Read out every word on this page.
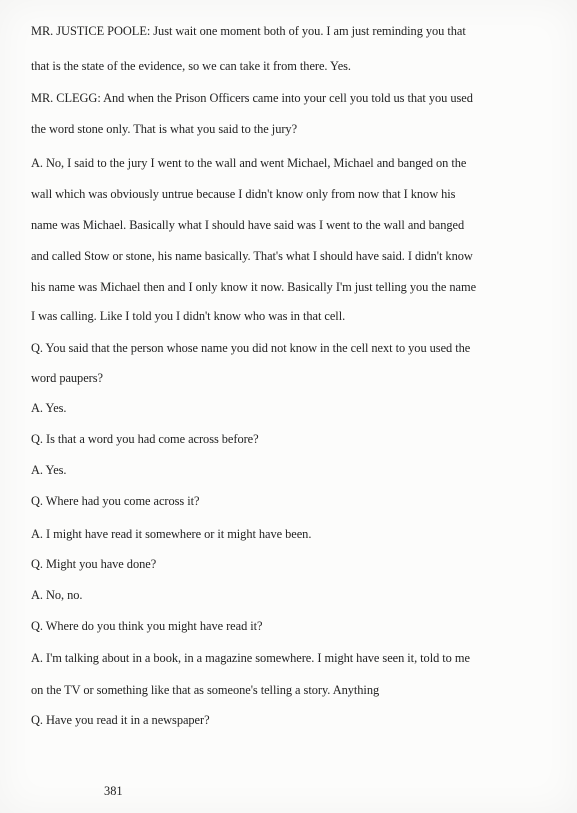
MR. JUSTICE POOLE: Just wait one moment both of you. I am just reminding you that
that is the state of the evidence, so we can take it from there. Yes.
MR. CLEGG: And when the Prison Officers came into your cell you told us that you used
the word stone only. That is what you said to the jury?
A. No, I said to the jury I went to the wall and went Michael, Michael and banged on the
wall which was obviously untrue because I didn't know only from now that I know his
name was Michael. Basically what I should have said was I went to the wall and banged
and called Stow or stone, his name basically. That's what I should have said. I didn't know
his name was Michael then and I only know it now. Basically I'm just telling you the name
I was calling. Like I told you I didn't know who was in that cell.
Q. You said that the person whose name you did not know in the cell next to you used the
word paupers?
A. Yes.
Q. Is that a word you had come across before?
A. Yes.
Q. Where had you come across it?
A. I might have read it somewhere or it might have been.
Q. Might you have done?
A. No, no.
Q. Where do you think you might have read it?
A. I'm talking about in a book, in a magazine somewhere. I might have seen it, told to me
on the TV or something like that as someone's telling a story. Anything
Q. Have you read it in a newspaper?
381
